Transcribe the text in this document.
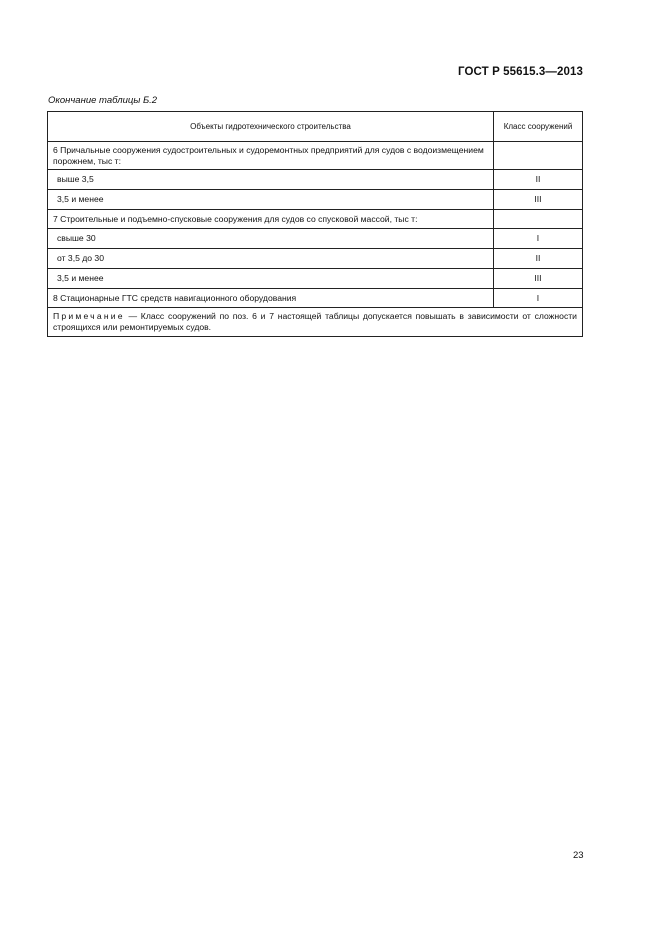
ГОСТ Р 55615.3—2013
Окончание таблицы Б.2
Объекты гидротехнического строительства	Класс сооружений
6 Причальные сооружения судостроительных и судоремонтных предприятий для судов с водоизмещением порожнем, тыс т:	
выше 3,5	II
3,5 и менее	III
7 Строительные и подъемно-спусковые сооружения для судов со спусковой массой, тыс т:	
свыше 30	I
от 3,5 до 30	II
3,5 и менее	III
8 Стационарные ГТС средств навигационного оборудования	I
Примечание — Класс сооружений по поз. 6 и 7 настоящей таблицы допускается повышать в зависимости от сложности строящихся или ремонтируемых судов.	
23
